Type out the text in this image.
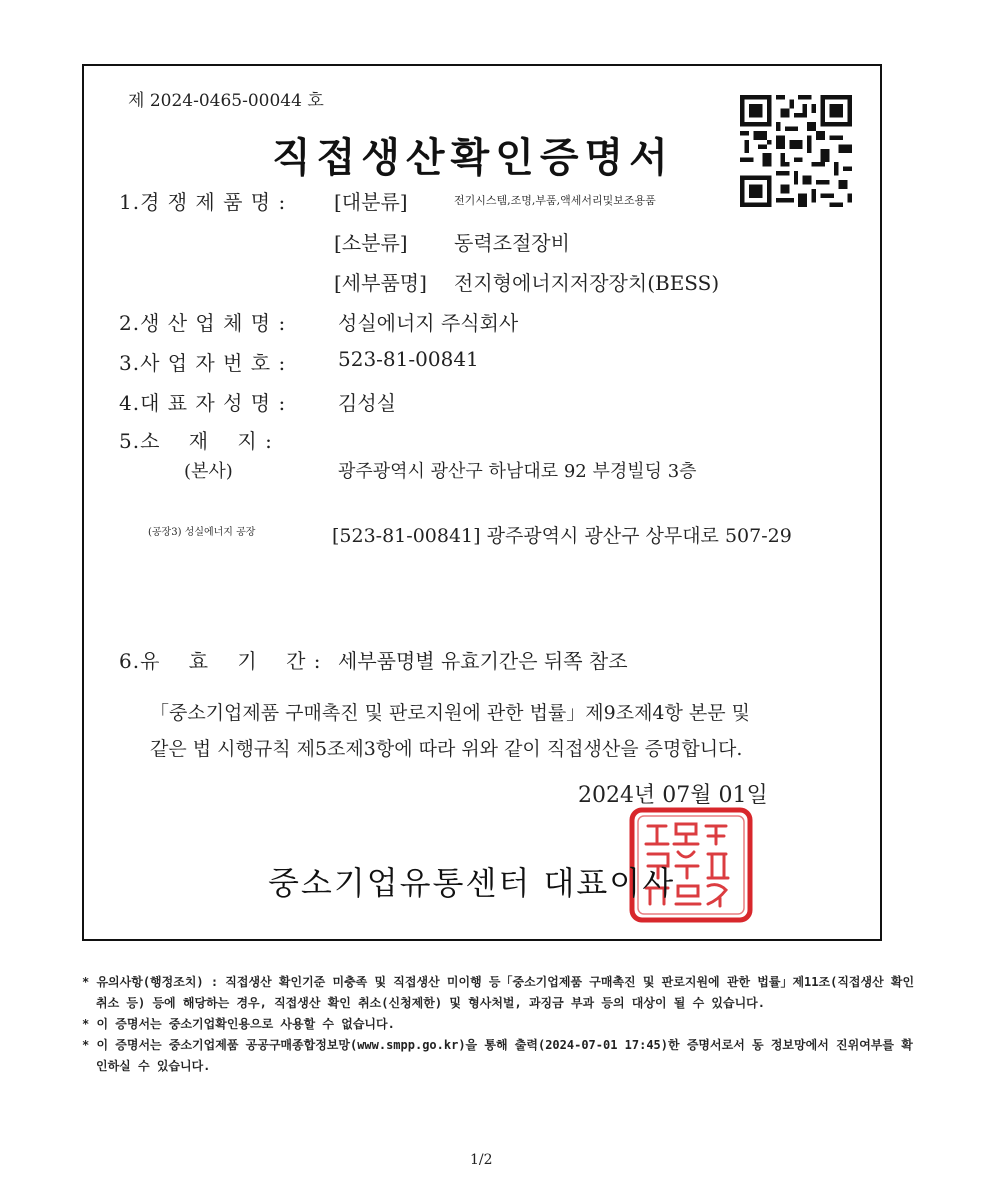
제 2024-0465-00044 호
직접생산확인증명서
1.경 쟁 제 품 명 : [대분류]	전기시스템,조명,부품,액세서리및보조용품
[소분류] 동력조절장비
[세부품명] 전지형에너지저장장치(BESS)
2.생 산 업 체 명 :	성실에너지 주식회사
3.사 업 자 번 호 :	523-81-00841
4.대 표 자 성 명 :	김성실
5.소　 재　 지 :
(본사)	광주광역시 광산구 하남대로 92 부경빌딩 3층
(공장3) 성실에너지 공장	[523-81-00841] 광주광역시 광산구 상무대로 507-29
6.유　 효　 기　 간 : 세부품명별 유효기간은 뒤쪽 참조
「중소기업제품 구매촉진 및 판로지원에 관한 법률」제9조제4항 본문 및
같은 법 시행규칙 제5조제3항에 따라 위와 같이 직접생산을 증명합니다.
2024년 07월 01일
중소기업유통센터 대표이사
* 유의사항(행정조치) : 직접생산 확인기준 미충족 및 직접생산 미이행 등「중소기업제품 구매촉진 및 판로지원에 관한 법률」제11조(직접생산 확인 취소 등) 등에 해당하는 경우, 직접생산 확인 취소(신청제한) 및 형사처벌, 과징금 부과 등의 대상이 될 수 있습니다.
* 이 증명서는 중소기업확인용으로 사용할 수 없습니다.
* 이 증명서는 중소기업제품 공공구매종합정보망(www.smpp.go.kr)을 통해 출력(2024-07-01 17:45)한 증명서로서 동 정보망에서 진위여부를 확인하실 수 있습니다.
1/2
